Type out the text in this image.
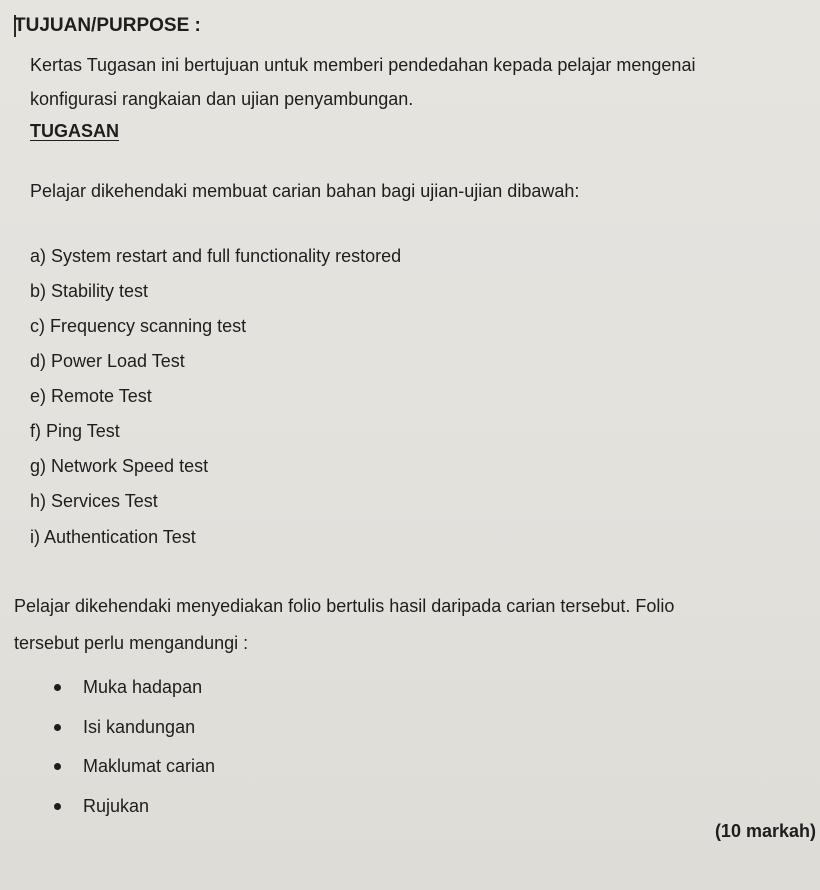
TUJUAN/PURPOSE :
Kertas Tugasan ini bertujuan untuk memberi pendedahan kepada pelajar mengenai
konfigurasi rangkaian dan ujian penyambungan.
TUGASAN
Pelajar dikehendaki membuat carian bahan bagi ujian-ujian dibawah:
a) System restart and full functionality restored
b) Stability test
c) Frequency scanning test
d) Power Load Test
e) Remote Test
f) Ping Test
g) Network Speed test
h) Services Test
i) Authentication Test
Pelajar dikehendaki menyediakan folio bertulis hasil daripada carian tersebut. Folio
tersebut perlu mengandungi :
Muka hadapan
Isi kandungan
Maklumat carian
Rujukan
(10 markah)
